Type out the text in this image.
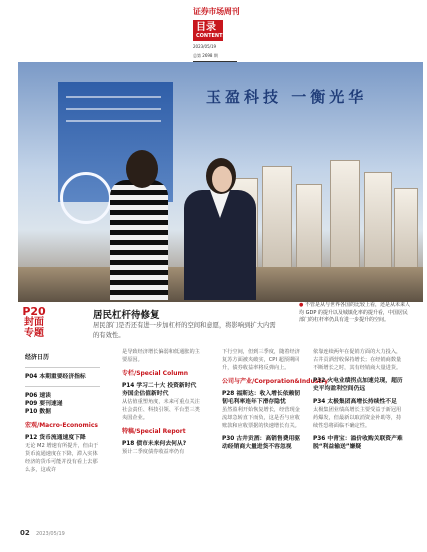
证券市场周刊
目录
CONTENTS
2023/05/19
总第 2698 期
玉盈科技 一衡光华
P20
封面
专题
居民杠杆待修复
居民部门是否还有进一步加杠杆的空间和意愿，将影响到扩大内需的有效性。
● 不管是从与世界各国的比较上看，还是从未来人均 GDP 的提升以及城镇化率的提升看，中国居民部门的杠杆率仍具有进一步提升的空间。
经济日历
P04 本期重要经济指标
P06 速读
P09 要刊速递
P10 数据
宏观/Macro-Economics
P12 货币流通速度下降
无论 M2 增速有所提升，但由于货币流通速度在下降，滞入实体经济的货币可能并没有看上去那么多，这或许
是导致经济增长偏弱和低通胀的主要原因。
专栏/Special Column
P14 学习二十大 投资新时代 夯国企估值新时代
从估值重塑角度，未来可重点关注社会责任、科技引领、平台型三类央国企业。
特稿/Special Report
P18 债市未来何去何从?
预计二季度债券收益率仍有
下行空间，但到三季度，随着经济复苏方面被夹破实，CPI 超预期回升，债券收益率将反弹向上。
公司与产业/Corporation&Industry
P28 福斯达：收入增长依赖韧韧毛利率连年下滑存隐忧
虽然盈利开始恢复增长，经营现金流却急转直下而负，这是否与应收账款和应收票据的快速增长有关。
P30 古井贡酒：高销售费用驱动经销商大量进货不容忽视
依靠连续两年在促销方面的大力投入，古井贡酒营收保持增长；在经销商数量不断增长之时，其有经销商大量进货。
P32 火电业绩拐点加速兑现，超历史平均盈利空间仍远
P34 太极集团高增长持续性不足
太极集团业绩高增长主要受益于新冠用药爆发，但最新以取消资金补助等，持续性恐将面临不确定性。
P36 中青宝：溢价收购关联资产难脱“利益输送”嫌疑
02 2023/05/19
